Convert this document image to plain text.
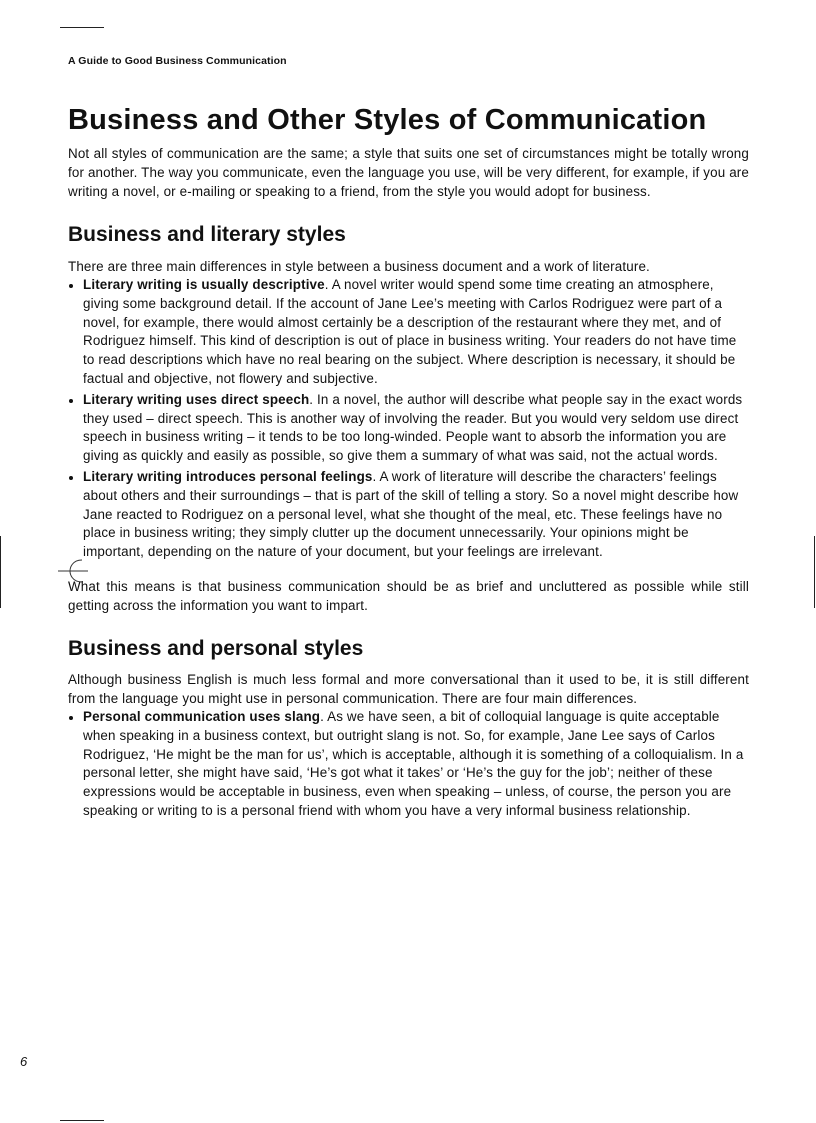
A Guide to Good Business Communication
Business and Other Styles of Communication

Not all styles of communication are the same; a style that suits one set of circumstances might be totally wrong for another. The way you communicate, even the language you use, will be very different, for example, if you are writing a novel, or e-mailing or speaking to a friend, from the style you would adopt for business.

Business and literary styles

There are three main differences in style between a business document and a work of literature.

Literary writing is usually descriptive. A novel writer would spend some time creating an atmosphere, giving some background detail. If the account of Jane Lee’s meeting with Carlos Rodriguez were part of a novel, for example, there would almost certainly be a description of the restaurant where they met, and of Rodriguez himself. This kind of description is out of place in business writing. Your readers do not have time to read descriptions which have no real bearing on the subject. Where description is necessary, it should be factual and objective, not flowery and subjective.
Literary writing uses direct speech. In a novel, the author will describe what people say in the exact words they used – direct speech. This is another way of involving the reader. But you would very seldom use direct speech in business writing – it tends to be too long-winded. People want to absorb the information you are giving as quickly and easily as possible, so give them a summary of what was said, not the actual words.
Literary writing introduces personal feelings. A work of literature will describe the characters’ feelings about others and their surroundings – that is part of the skill of telling a story. So a novel might describe how Jane reacted to Rodriguez on a personal level, what she thought of the meal, etc. These feelings have no place in business writing; they simply clutter up the document unnecessarily. Your opinions might be important, depending on the nature of your document, but your feelings are irrelevant.

What this means is that business communication should be as brief and uncluttered as possible while still getting across the information you want to impart.

Business and personal styles

Although business English is much less formal and more conversational than it used to be, it is still different from the language you might use in personal communication. There are four main differences.

Personal communication uses slang. As we have seen, a bit of colloquial language is quite acceptable when speaking in a business context, but outright slang is not. So, for example, Jane Lee says of Carlos Rodriguez, ‘He might be the man for us’, which is acceptable, although it is something of a colloquialism. In a personal letter, she might have said, ‘He’s got what it takes’ or ‘He’s the guy for the job’; neither of these expressions would be acceptable in business, even when speaking – unless, of course, the person you are speaking or writing to is a personal friend with whom you have a very informal business relationship.
6
